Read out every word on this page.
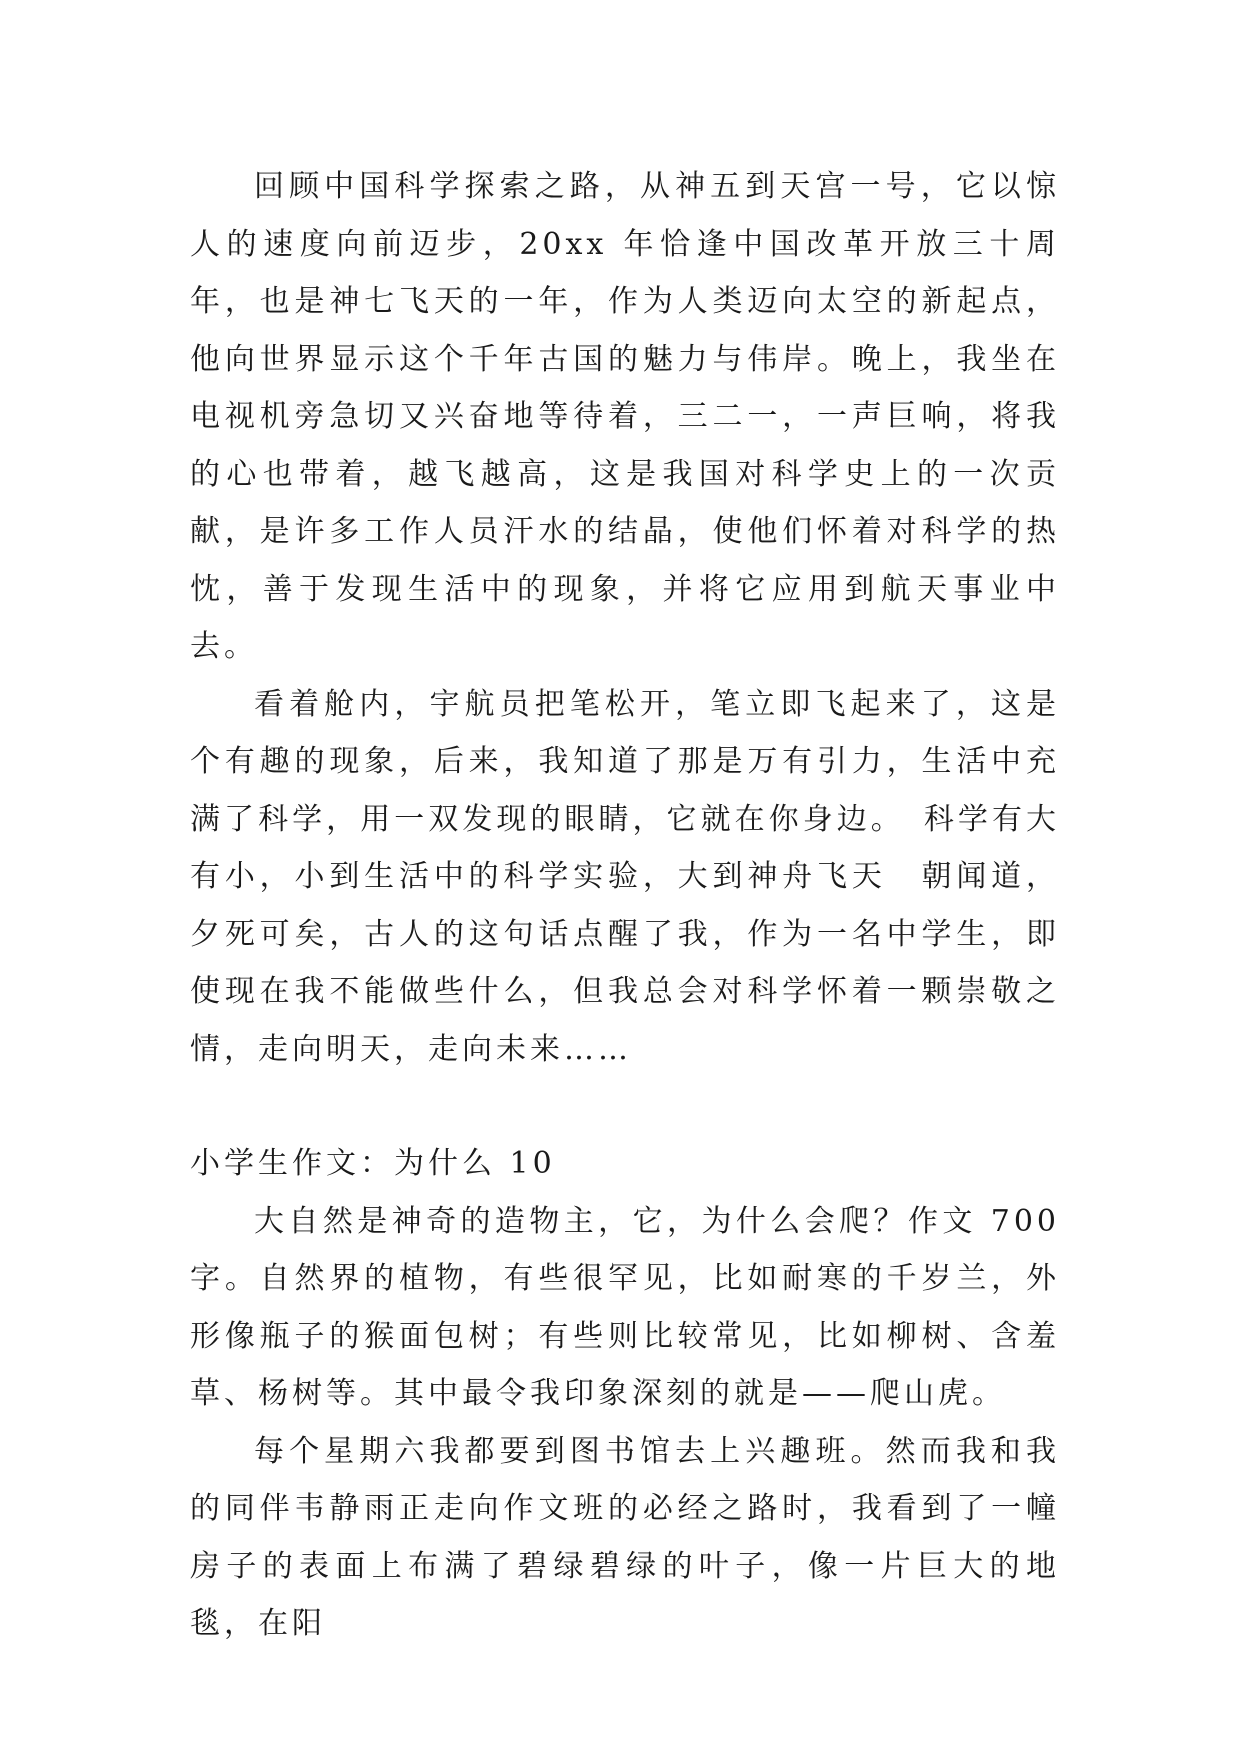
回顾中国科学探索之路，从神五到天宫一号，它以惊人的速度向前迈步，20xx 年恰逢中国改革开放三十周年，也是神七飞天的一年，作为人类迈向太空的新起点，他向世界显示这个千年古国的魅力与伟岸。晚上，我坐在电视机旁急切又兴奋地等待着，三二一，一声巨响，将我的心也带着，越飞越高，这是我国对科学史上的一次贡献，是许多工作人员汗水的结晶，使他们怀着对科学的热忱，善于发现生活中的现象，并将它应用到航天事业中去。

看着舱内，宇航员把笔松开，笔立即飞起来了，这是个有趣的现象，后来，我知道了那是万有引力，生活中充满了科学，用一双发现的眼睛，它就在你身边。　科学有大有小，小到生活中的科学实验，大到神舟飞天　朝闻道，夕死可矣，古人的这句话点醒了我，作为一名中学生，即使现在我不能做些什么，但我总会对科学怀着一颗崇敬之情，走向明天，走向未来……

小学生作文：为什么 10

大自然是神奇的造物主，它，为什么会爬？作文 700 字。自然界的植物，有些很罕见，比如耐寒的千岁兰，外形像瓶子的猴面包树；有些则比较常见，比如柳树、含羞草、杨树等。其中最令我印象深刻的就是——爬山虎。

每个星期六我都要到图书馆去上兴趣班。然而我和我的同伴韦静雨正走向作文班的必经之路时，我看到了一幢房子的表面上布满了碧绿碧绿的叶子，像一片巨大的地毯，在阳
